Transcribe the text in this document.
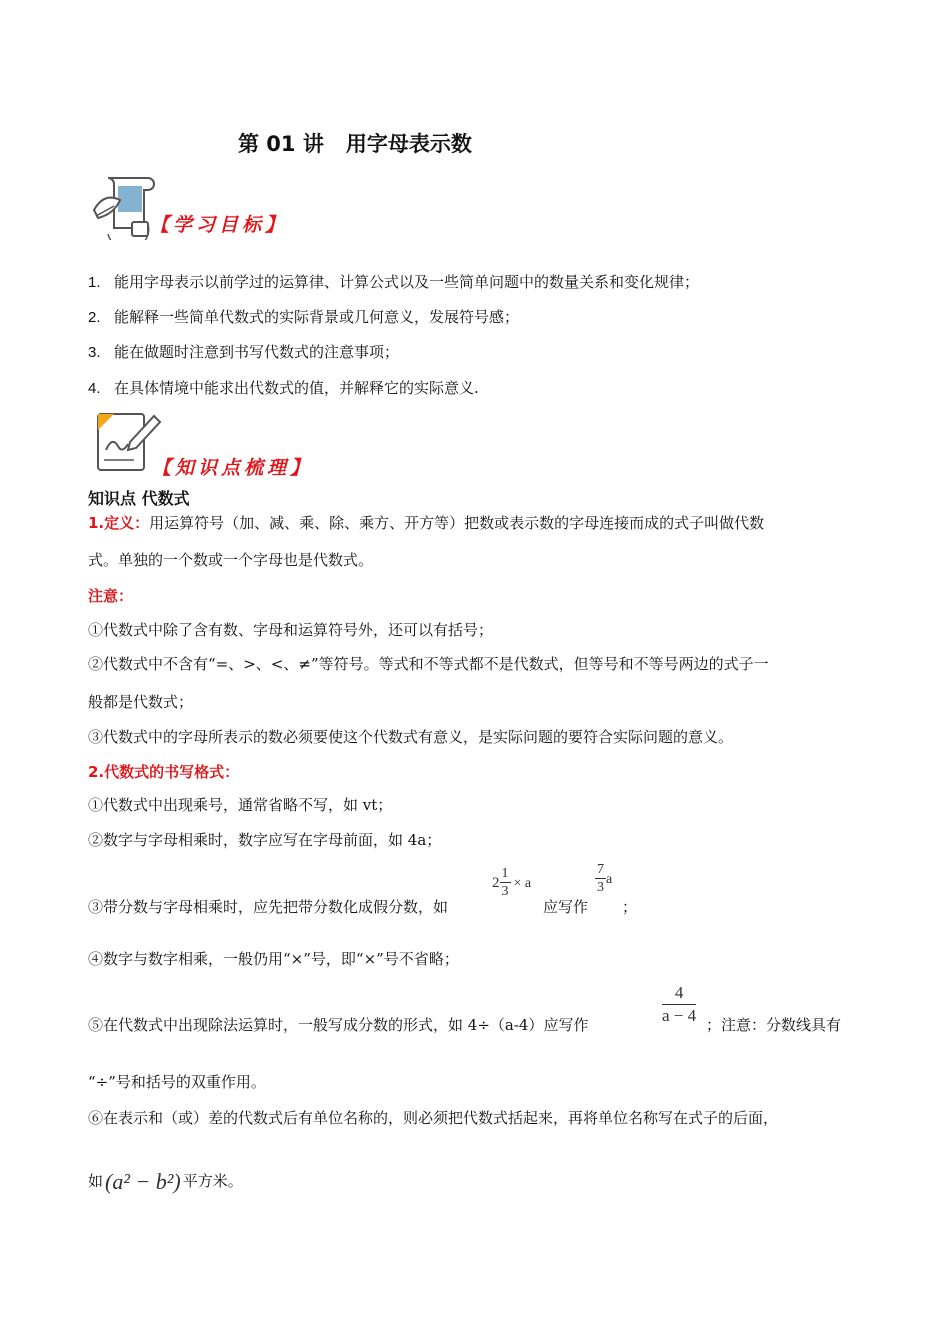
第 01 讲 用字母表示数
【学习目标】
1. 能用字母表示以前学过的运算律、计算公式以及一些简单问题中的数量关系和变化规律；
2. 能解释一些简单代数式的实际背景或几何意义，发展符号感；
3. 能在做题时注意到书写代数式的注意事项；
4. 在具体情境中能求出代数式的值，并解释它的实际意义.
【知识点梳理】
知识点 代数式
1.定义：用运算符号（加、减、乘、除、乘方、开方等）把数或表示数的字母连接而成的式子叫做代数
式。单独的一个数或一个字母也是代数式。
注意：
①代数式中除了含有数、字母和运算符号外，还可以有括号；
②代数式中不含有“=、>、<、≠”等符号。等式和不等式都不是代数式，但等号和不等号两边的式子一
般都是代数式；
③代数式中的字母所表示的数必须要使这个代数式有意义，是实际问题的要符合实际问题的意义。
2.代数式的书写格式：
①代数式中出现乘号，通常省略不写，如 vt；
②数字与字母相乘时，数字应写在字母前面，如 4a；
③带分数与字母相乘时，应先把带分数化成假分数，如
$2 \frac{1}{3} \times a$
应写作
$\frac{7}{3}$ a
；
④数字与数字相乘，一般仍用“×”号，即“×”号不省略；
⑤在代数式中出现除法运算时，一般写成分数的形式，如 4÷（a-4）应写作	$\frac{4}{a - 4}$ ；注意：分数线具有
“÷”号和括号的双重作用。
⑥在表示和（或）差的代数式后有单位名称的，则必须把代数式括起来，再将单位名称写在式子的后面，
如(a² − b²) 平方米。
